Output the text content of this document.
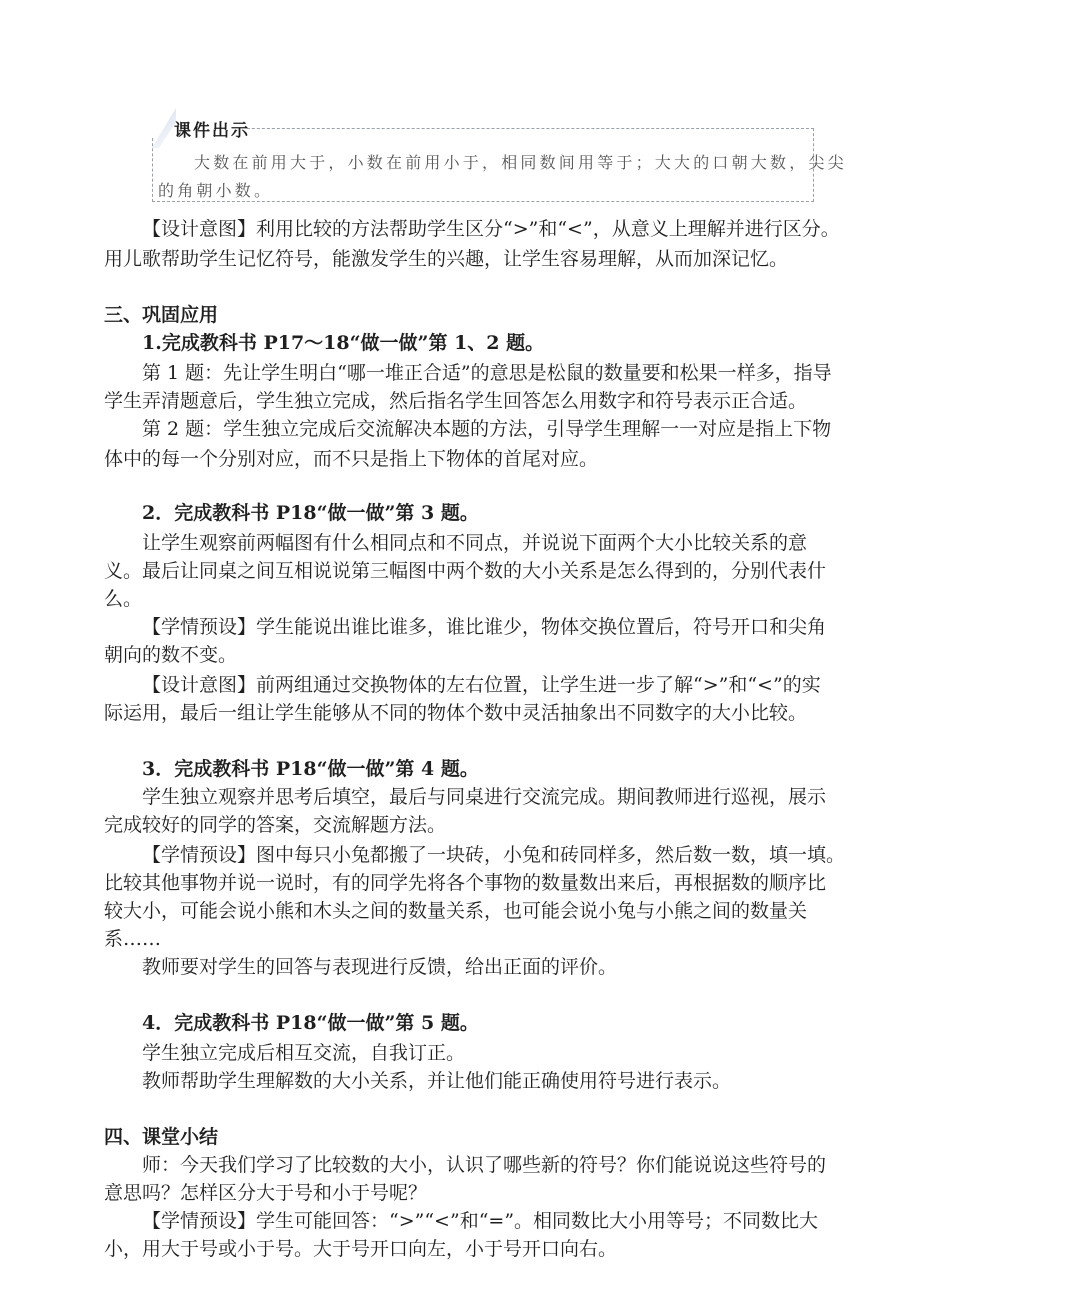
课件出示
大数在前用大于，小数在前用小于，相同数间用等于；大大的口朝大数，尖尖
的角朝小数。
【设计意图】利用比较的方法帮助学生区分“>”和“<”，从意义上理解并进行区分。
用儿歌帮助学生记忆符号，能激发学生的兴趣，让学生容易理解，从而加深记忆。
三、巩固应用
1.完成教科书 P17～18“做一做”第 1、2 题。
第 1 题：先让学生明白“哪一堆正合适”的意思是松鼠的数量要和松果一样多，指导
学生弄清题意后，学生独立完成，然后指名学生回答怎么用数字和符号表示正合适。
第 2 题：学生独立完成后交流解决本题的方法，引导学生理解一一对应是指上下物
体中的每一个分别对应，而不只是指上下物体的首尾对应。
2．完成教科书 P18“做一做”第 3 题。
让学生观察前两幅图有什么相同点和不同点，并说说下面两个大小比较关系的意
义。最后让同桌之间互相说说第三幅图中两个数的大小关系是怎么得到的，分别代表什
么。
【学情预设】学生能说出谁比谁多，谁比谁少，物体交换位置后，符号开口和尖角
朝向的数不变。
【设计意图】前两组通过交换物体的左右位置，让学生进一步了解“>”和“<”的实
际运用，最后一组让学生能够从不同的物体个数中灵活抽象出不同数字的大小比较。
3．完成教科书 P18“做一做”第 4 题。
学生独立观察并思考后填空，最后与同桌进行交流完成。期间教师进行巡视，展示
完成较好的同学的答案，交流解题方法。
【学情预设】图中每只小兔都搬了一块砖，小兔和砖同样多，然后数一数，填一填。
比较其他事物并说一说时，有的同学先将各个事物的数量数出来后，再根据数的顺序比
较大小，可能会说小熊和木头之间的数量关系，也可能会说小兔与小熊之间的数量关
系……
教师要对学生的回答与表现进行反馈，给出正面的评价。
4．完成教科书 P18“做一做”第 5 题。
学生独立完成后相互交流，自我订正。
教师帮助学生理解数的大小关系，并让他们能正确使用符号进行表示。
四、课堂小结
师：今天我们学习了比较数的大小，认识了哪些新的符号？你们能说说这些符号的
意思吗？怎样区分大于号和小于号呢？
【学情预设】学生可能回答：“>”“<”和“=”。相同数比大小用等号；不同数比大
小，用大于号或小于号。大于号开口向左，小于号开口向右。
